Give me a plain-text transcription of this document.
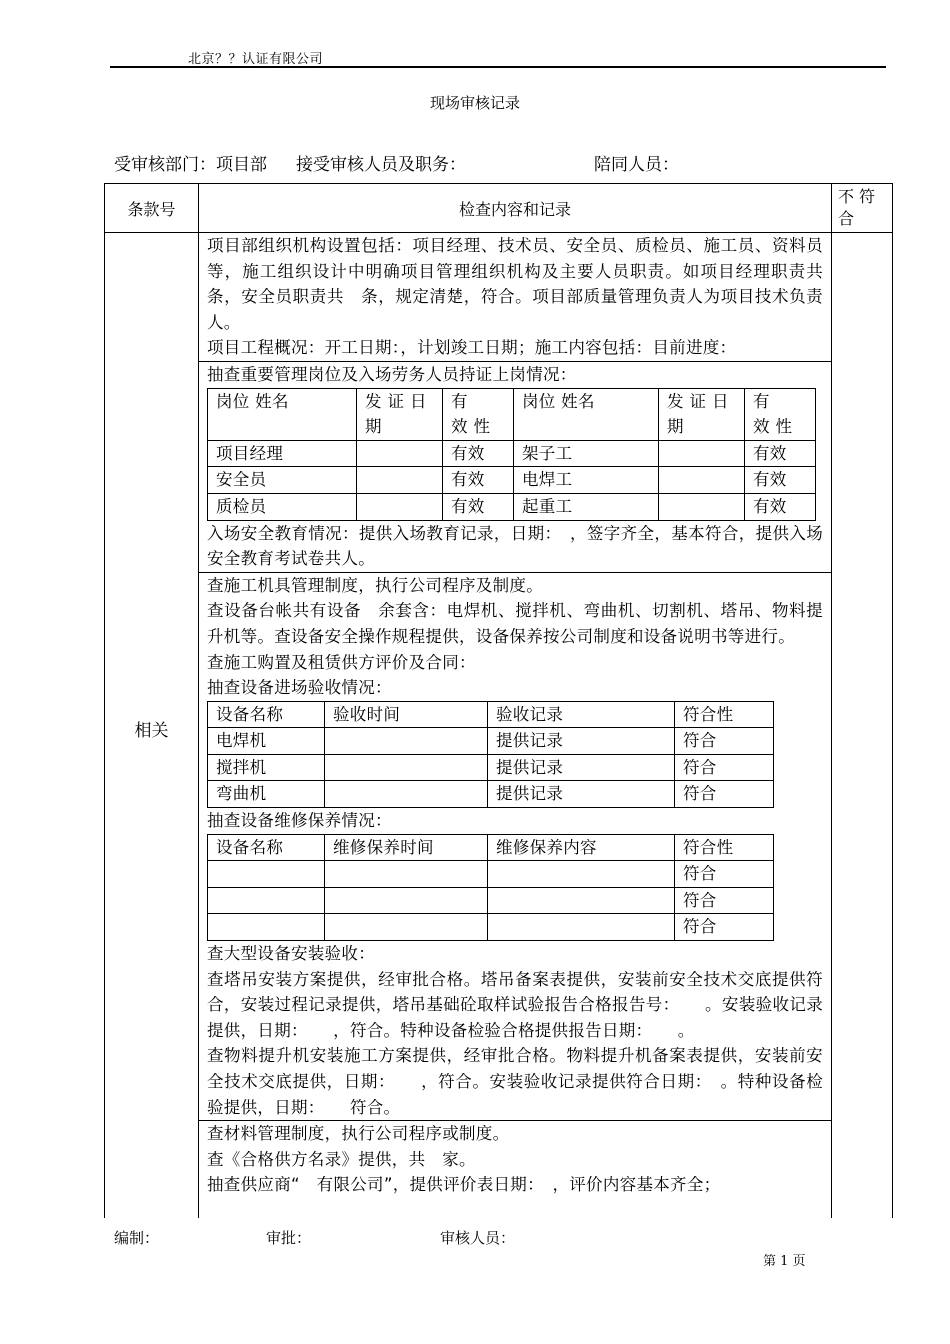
北京？？认证有限公司
现场审核记录
受审核部门：项目部 接受审核人员及职务：	陪同人员：
条款号	检查内容和记录	不符合
相关	

项目部组织机构设置包括：项目经理、技术员、安全员、质检员、施工员、资料员等，施工组织设计中明确项目管理组织机构及主要人员职责。如项目经理职责共　条，安全员职责共　条，规定清楚，符合。项目部质量管理负责人为项目技术负责人。

项目工程概况：开工日期：，计划竣工日期；施工内容包括：目前进度：

抽查重要管理岗位及入场劳务人员持证上岗情况：

岗位 姓名	发证日期	有 效性	岗位 姓名	发证日期	有 效性
项目经理		有效	架子工		有效
安全员		有效	电焊工		有效
质检员		有效	起重工		有效

入场安全教育情况：提供入场教育记录，日期：　，签字齐全，基本符合，提供入场安全教育考试卷共人。

查施工机具管理制度，执行公司程序及制度。

查设备台帐共有设备　余套含：电焊机、搅拌机、弯曲机、切割机、塔吊、物料提升机等。查设备安全操作规程提供，设备保养按公司制度和设备说明书等进行。

查施工购置及租赁供方评价及合同：

抽查设备进场验收情况：

设备名称	验收时间	验收记录	符合性
电焊机		提供记录	符合
搅拌机		提供记录	符合
弯曲机		提供记录	符合

抽查设备维修保养情况：

设备名称	维修保养时间	维修保养内容	符合性
			符合
			符合
			符合

查大型设备安装验收：

查塔吊安装方案提供，经审批合格。塔吊备案表提供，安装前安全技术交底提供符合，安装过程记录提供，塔吊基础砼取样试验报告合格报告号：　　。安装验收记录提供，日期：　　，符合。特种设备检验合格提供报告日期：　　。

查物料提升机安装施工方案提供，经审批合格。物料提升机备案表提供，安装前安全技术交底提供，日期：　　，符合。安装验收记录提供符合日期：　。特种设备检验提供，日期：　　符合。

查材料管理制度，执行公司程序或制度。

查《合格供方名录》提供，共　家。

抽查供应商“　有限公司”，提供评价表日期：　，评价内容基本齐全；

编制：	审批：	审核人员：
第 1 页
